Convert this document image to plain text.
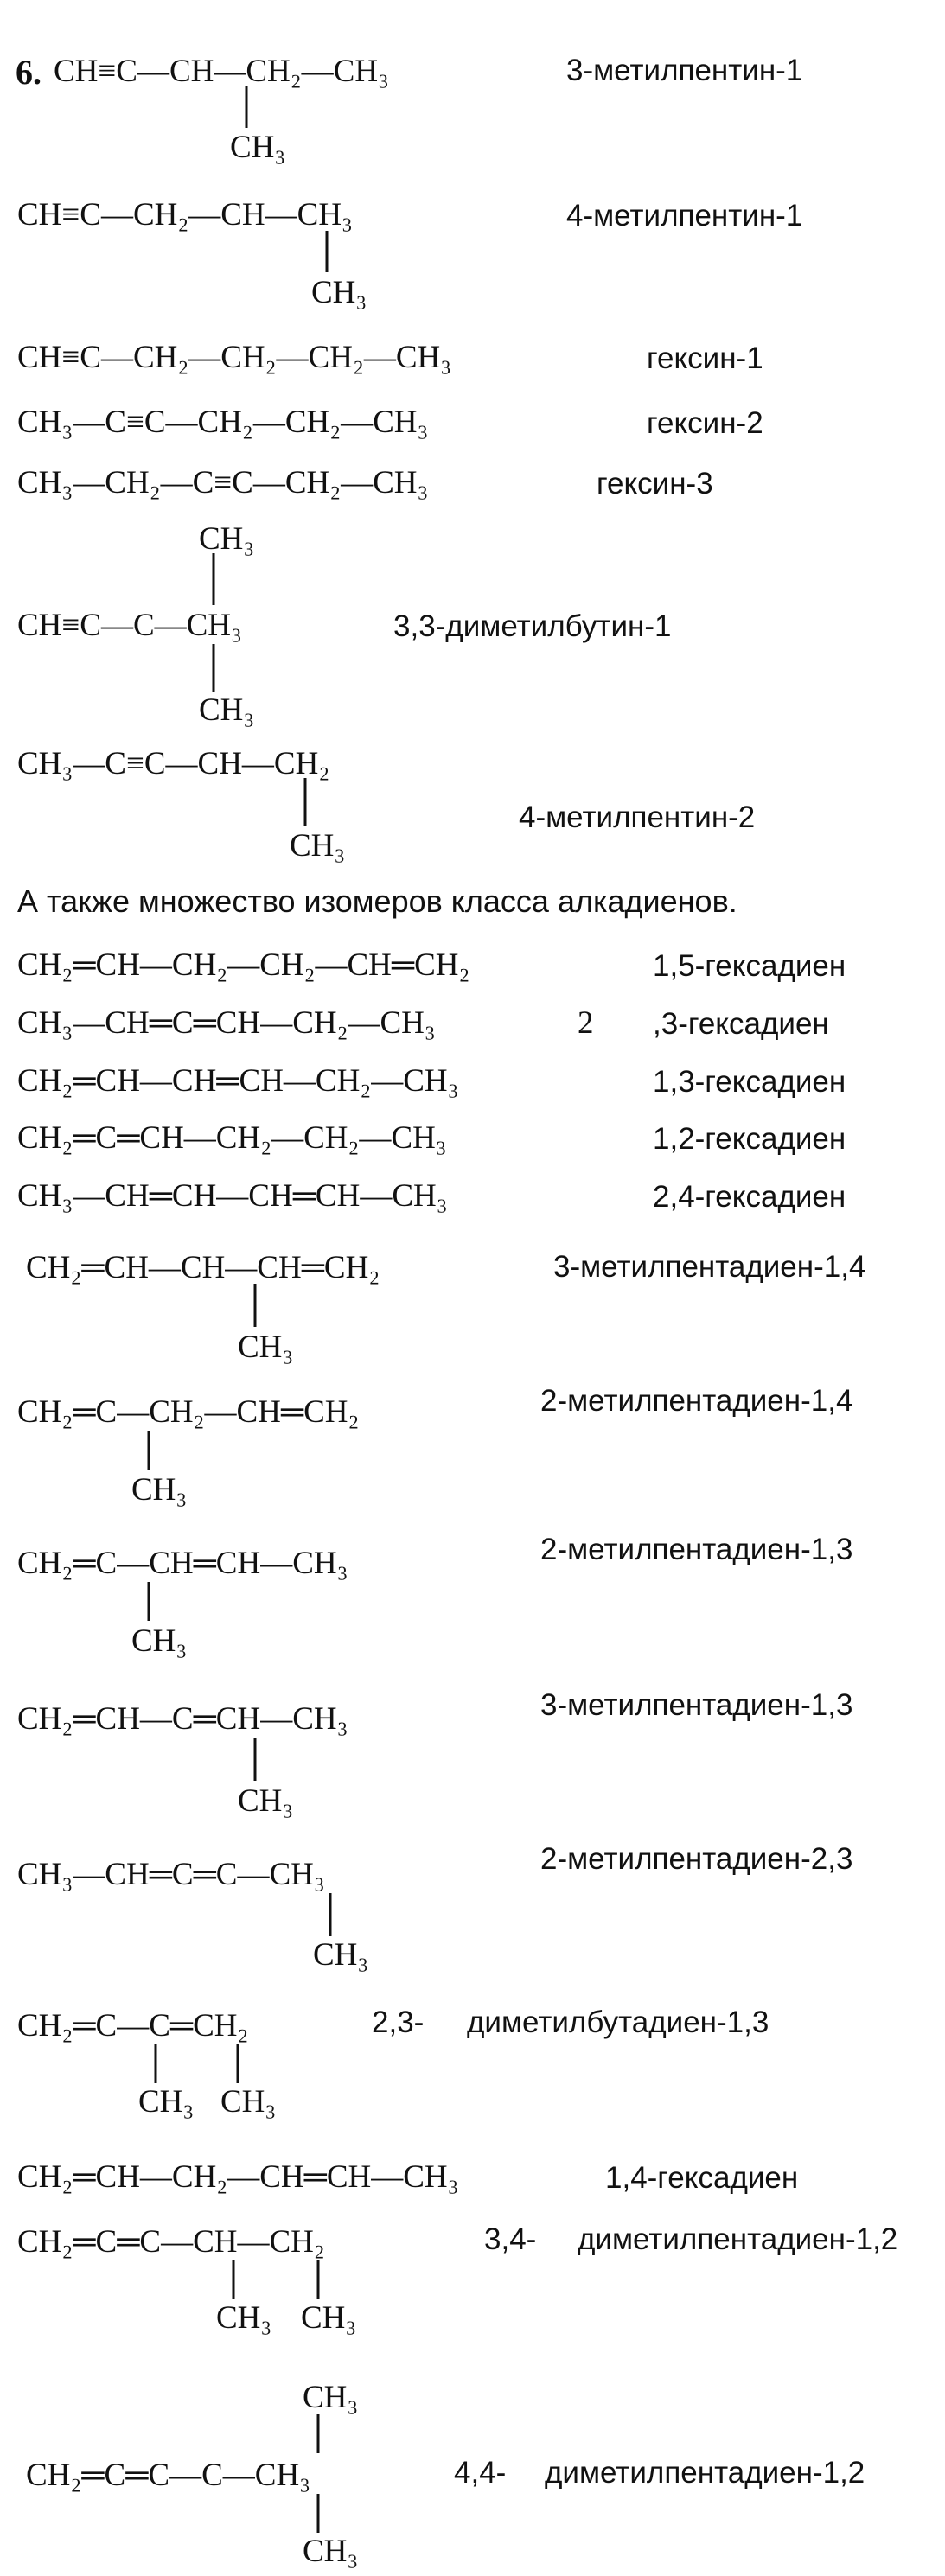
6. CH≡C—CH—CH₂—CH₃
CH₃
3-метилпентин-1
CH≡C—CH₂—CH—CH₃
CH₃
4-метилпентин-1
CH≡C—CH₂—CH₂—CH₂—CH₃	гексин-1
CH₃—C≡C—CH₂—CH₂—CH₃	гексин-2
CH₃—CH₂—C≡C—CH₂—CH₃	гексин-3
CH₃
CH≡C—C—CH₃
CH₃
3,3-диметилбутин-1
CH₃—C≡C—CH—CH₂
CH₃
4-метилпентин-2
А также множество изомеров класса алкадиенов.
CH₂═CH—CH₂—CH₂—CH═CH₂	1,5-гексадиен
CH₃—CH═C═CH—CH₂—CH₃	2 ,3-гексадиен
CH₂═CH—CH═CH—CH₂—CH₃	1,3-гексадиен
CH₂═C═CH—CH₂—CH₂—CH₃	1,2-гексадиен
CH₃—CH═CH—CH═CH—CH₃	2,4-гексадиен
CH₂═CH—CH—CH═CH₂
CH₃
3-метилпентадиен-1,4
CH₂═C—CH₂—CH═CH₂
CH₃
2-метилпентадиен-1,4
CH₂═C—CH═CH—CH₃
CH₃
2-метилпентадиен-1,3
CH₂═CH—C═CH—CH₃
CH₃
3-метилпентадиен-1,3
CH₃—CH═C═C—CH₃
CH₃
2-метилпентадиен-2,3
CH₂═C—C═CH₂
CH₃ CH₃
2,3- диметилбутадиен-1,3
CH₂═CH—CH₂—CH═CH—CH₃	1,4-гексадиен
CH₂═C═C—CH—CH₂
CH₃ CH₃
3,4- диметилпентадиен-1,2
CH₃
CH₂═C═C—C—CH₃
CH₃
4,4- диметилпентадиен-1,2
